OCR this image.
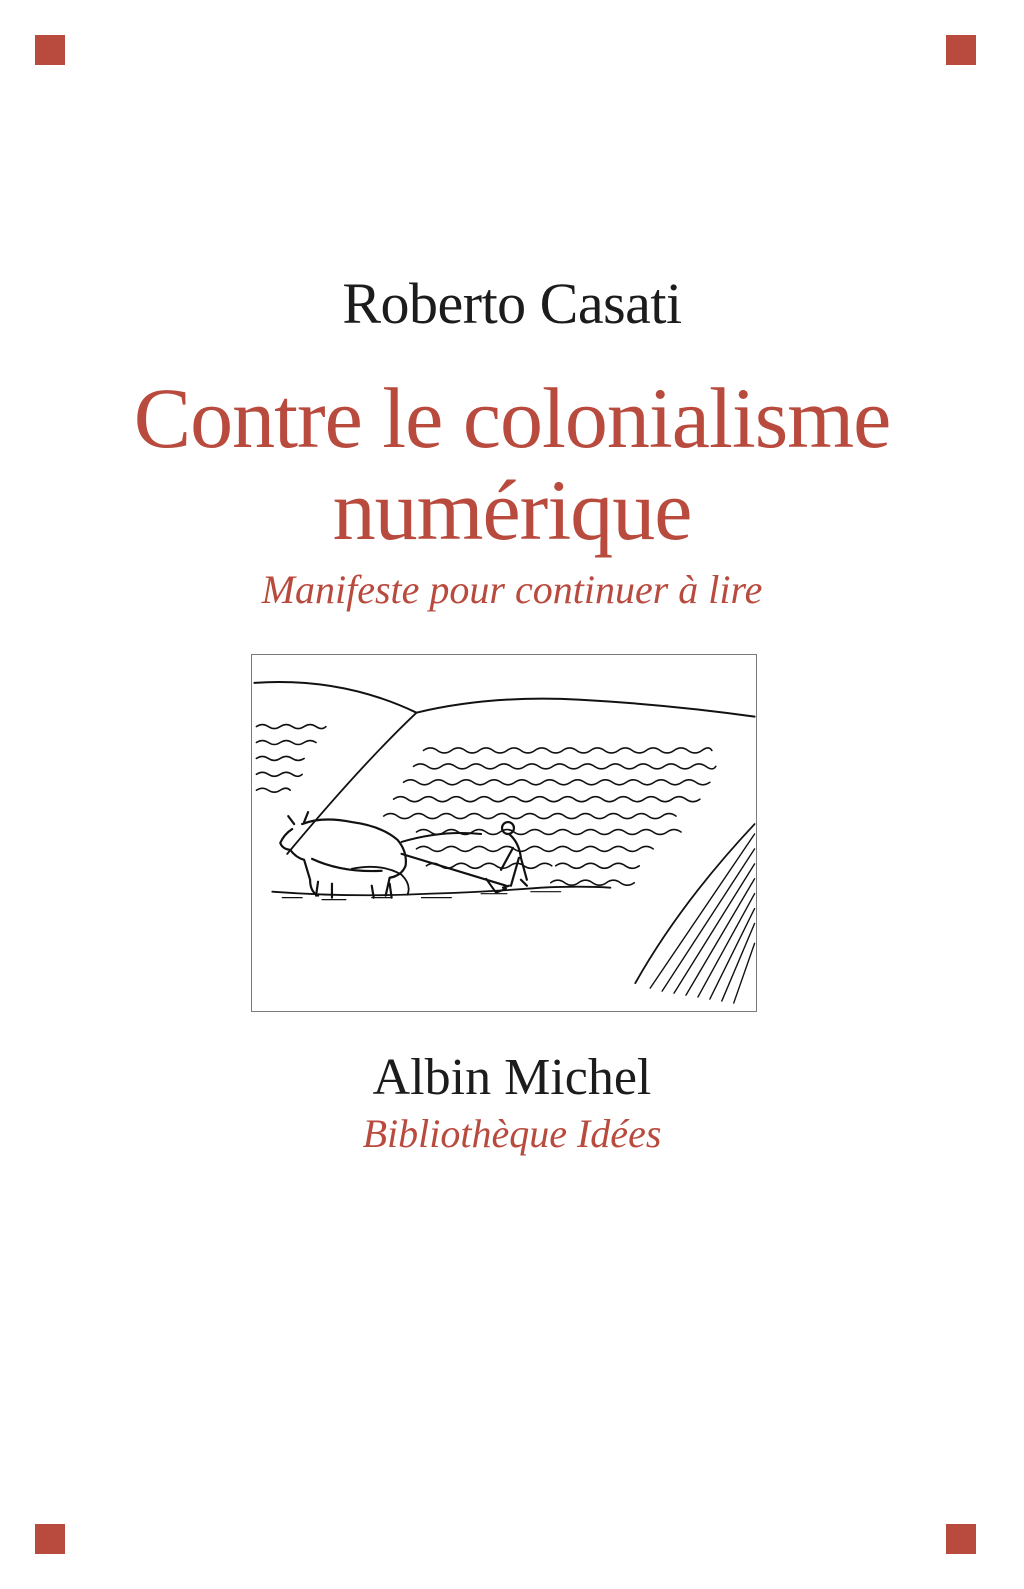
Roberto Casati
Contre le colonialisme
numérique
Manifeste pour continuer à lire
Albin Michel
Bibliothèque Idées
